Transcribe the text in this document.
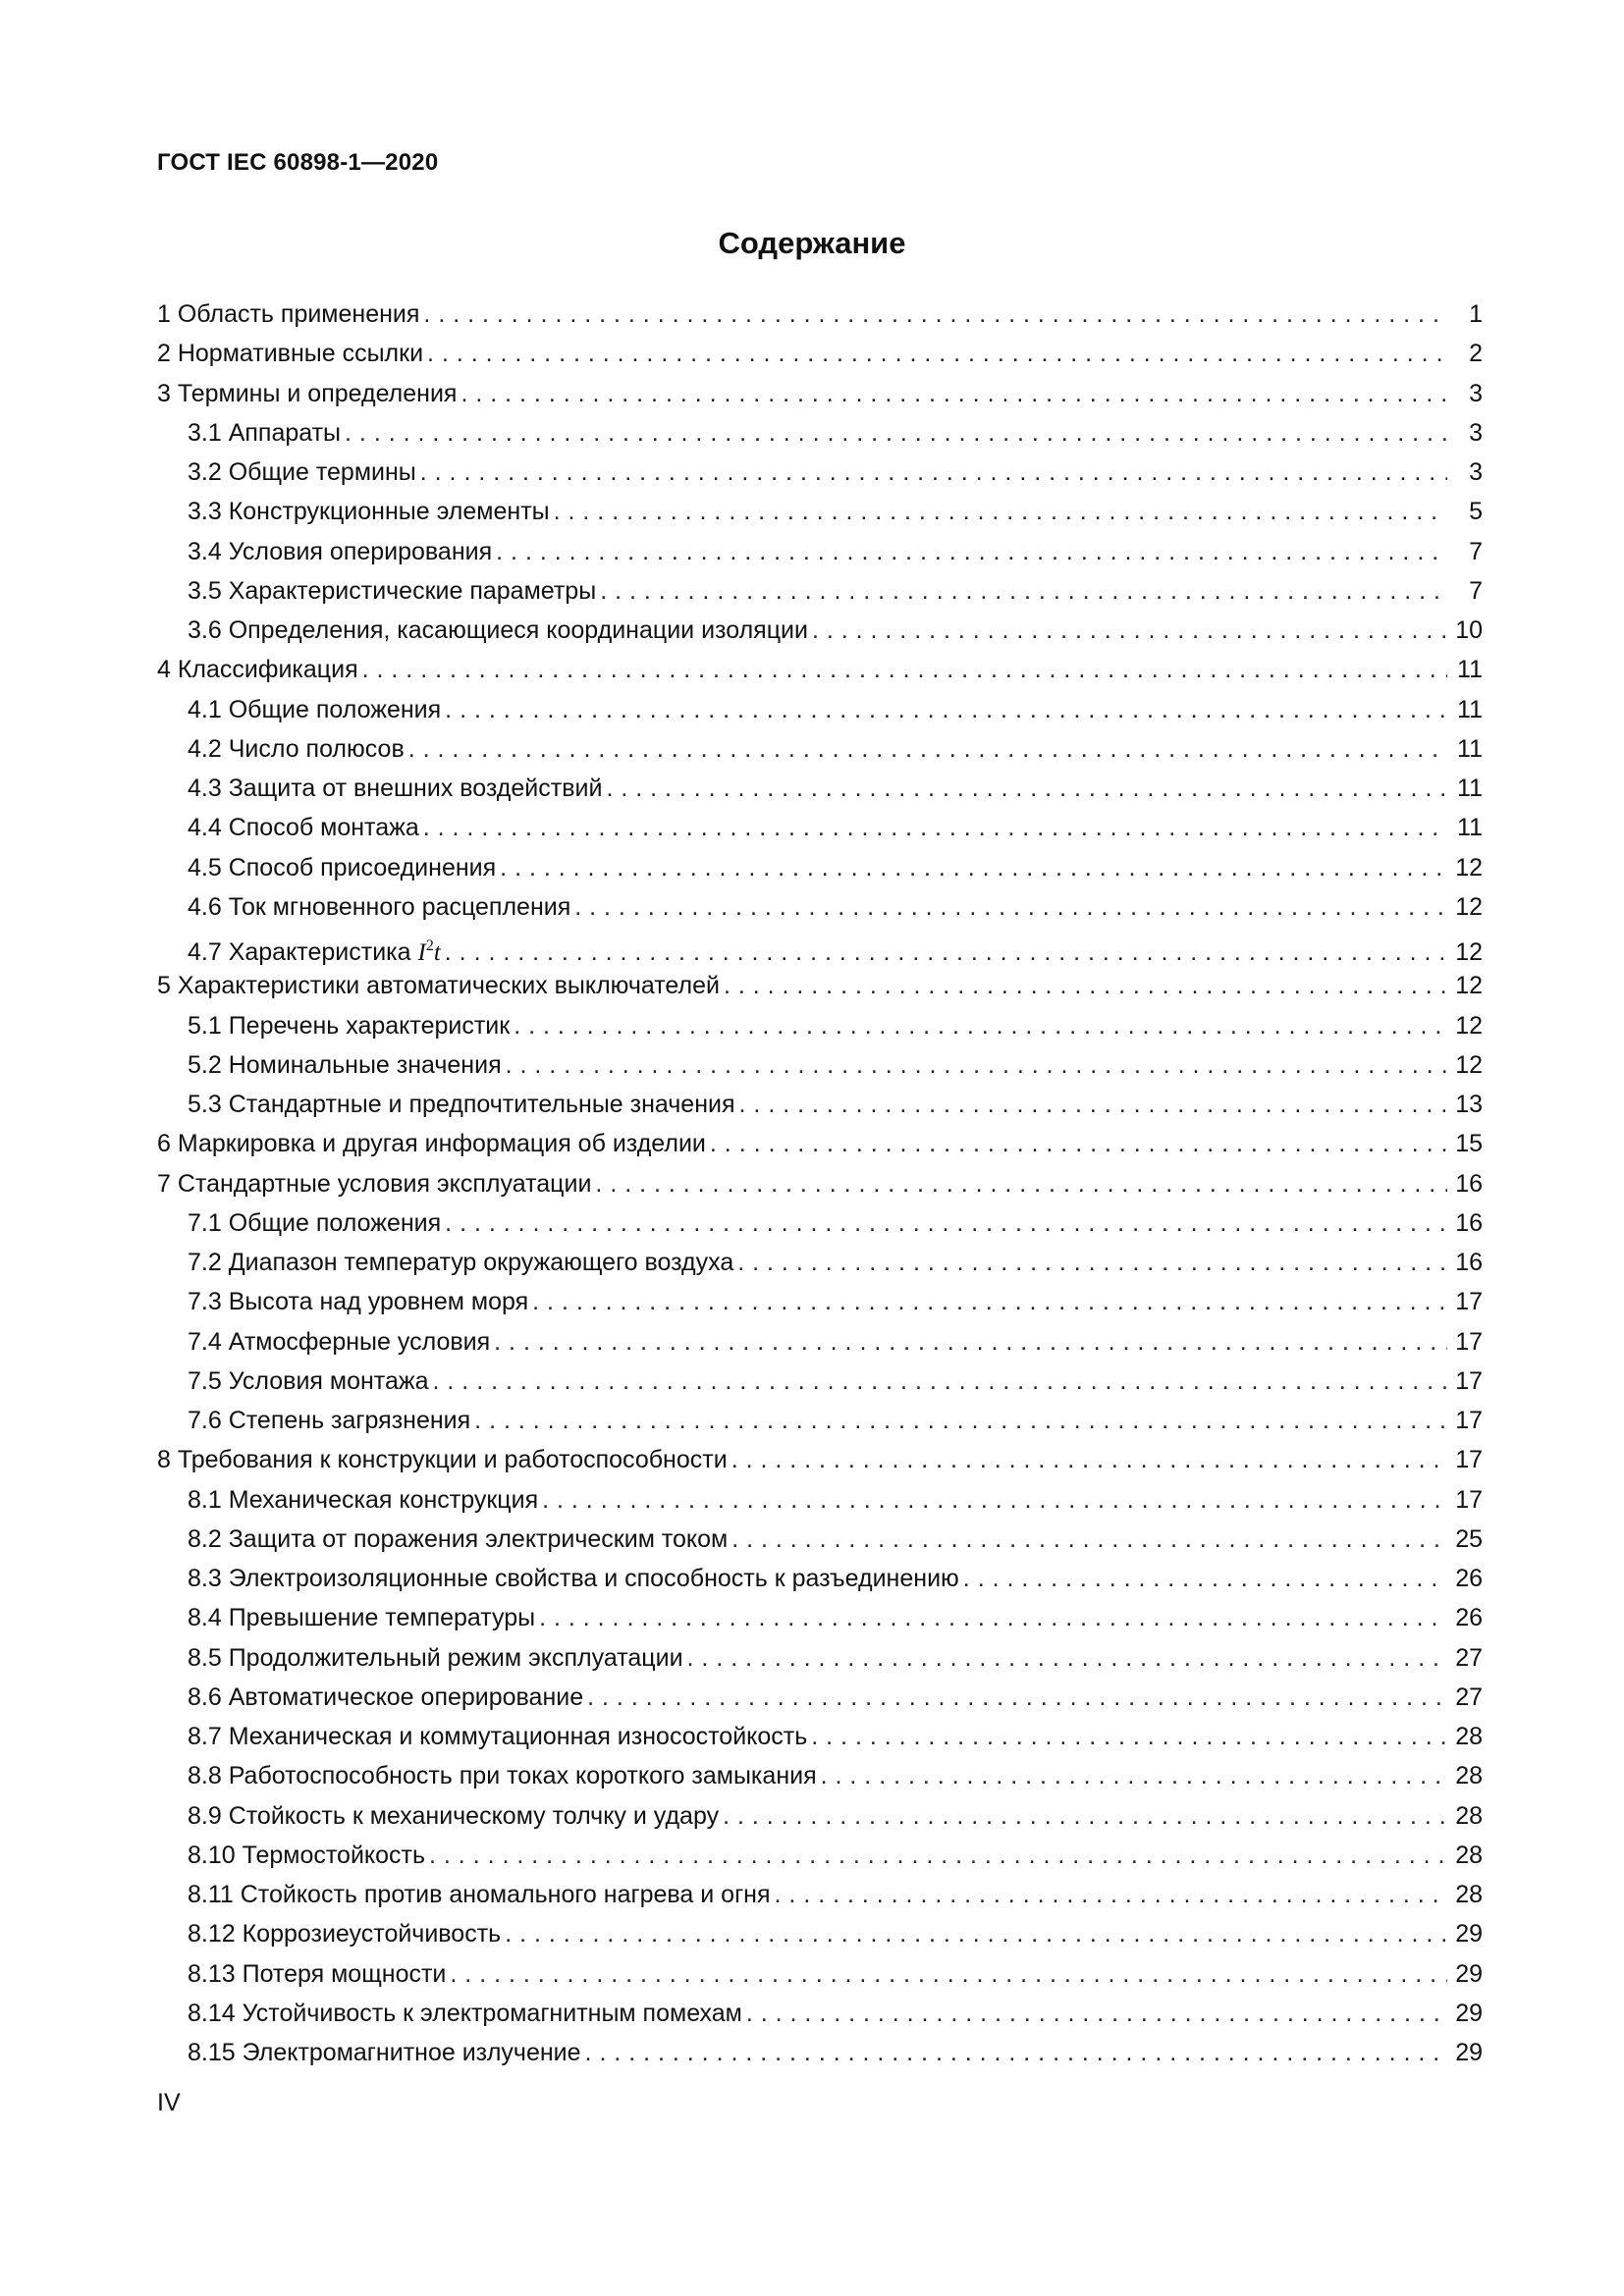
ГОСТ IEC 60898-1—2020
Содержание
1 Область применения . . .	1
2 Нормативные ссылки . . .	2
3 Термины и определения . . .	3
3.1 Аппараты . . .	3
3.2 Общие термины . . .	3
3.3 Конструкционные элементы . . .	5
3.4 Условия оперирования . . .	7
3.5 Характеристические параметры . . .	7
3.6 Определения, касающиеся координации изоляции . . .	10
4 Классификация . . .	11
4.1 Общие положения . . .	11
4.2 Число полюсов . . .	11
4.3 Защита от внешних воздействий . . .	11
4.4 Способ монтажа . . .	11
4.5 Способ присоединения . . .	12
4.6 Ток мгновенного расцепления . . .	12
4.7 Характеристика $I^2t$ . . .	12
5 Характеристики автоматических выключателей . . .	12
5.1 Перечень характеристик . . .	12
5.2 Номинальные значения . . .	12
5.3 Стандартные и предпочтительные значения . . .	13
6 Маркировка и другая информация об изделии . . .	15
7 Стандартные условия эксплуатации . . .	16
7.1 Общие положения . . .	16
7.2 Диапазон температур окружающего воздуха . . .	16
7.3 Высота над уровнем моря . . .	17
7.4 Атмосферные условия . . .	17
7.5 Условия монтажа . . .	17
7.6 Степень загрязнения . . .	17
8 Требования к конструкции и работоспособности . . .	17
8.1 Механическая конструкция . . .	17
8.2 Защита от поражения электрическим током . . .	25
8.3 Электроизоляционные свойства и способность к разъединению . . .	26
8.4 Превышение температуры . . .	26
8.5 Продолжительный режим эксплуатации . . .	27
8.6 Автоматическое оперирование . . .	27
8.7 Механическая и коммутационная износостойкость . . .	28
8.8 Работоспособность при токах короткого замыкания . . .	28
8.9 Стойкость к механическому толчку и удару . . .	28
8.10 Термостойкость . . .	28
8.11 Стойкость против аномального нагрева и огня . . .	28
8.12 Коррозиеустойчивость . . .	29
8.13 Потеря мощности . . .	29
8.14 Устойчивость к электромагнитным помехам . . .	29
8.15 Электромагнитное излучение . . .	29
IV
